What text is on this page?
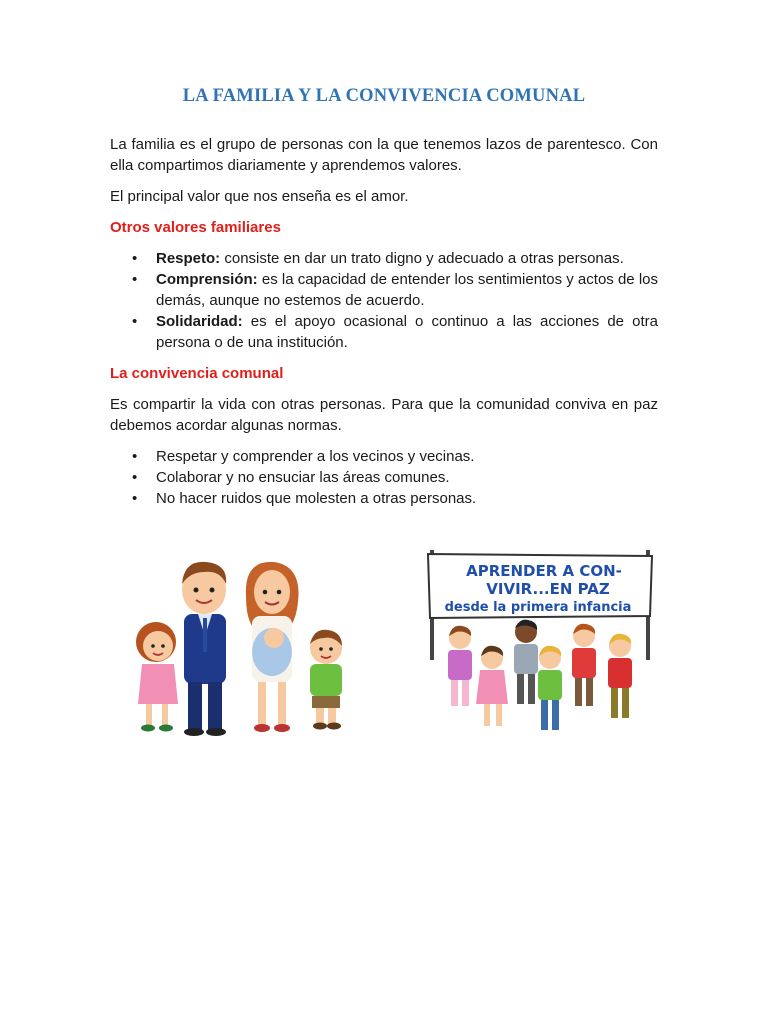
LA FAMILIA Y LA CONVIVENCIA COMUNAL

La familia es el grupo de personas con la que tenemos lazos de parentesco. Con ella compartimos diariamente y aprendemos valores.

El principal valor que nos enseña es el amor.

Otros valores familiares
• Respeto: consiste en dar un trato digno y adecuado a otras personas.
• Comprensión: es la capacidad de entender los sentimientos y actos de los demás, aunque no estemos de acuerdo.
• Solidaridad: es el apoyo ocasional o continuo a las acciones de otra persona o de una institución.
La convivencia comunal

Es compartir la vida con otras personas. Para que la comunidad conviva en paz debemos acordar algunas normas.

• Respetar y comprender a los vecinos y vecinas.
• Colaborar y no ensuciar las áreas comunes.
• No hacer ruidos que molesten a otras personas.
APRENDER A CON-
VIVIR...EN PAZ
desde la primera infancia
